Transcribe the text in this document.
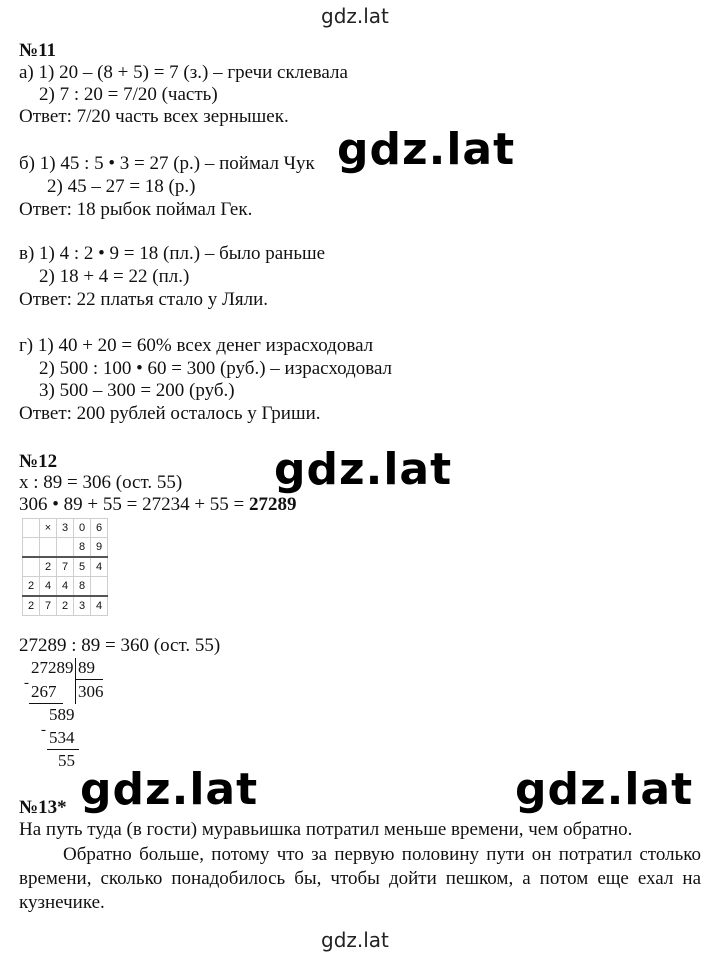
gdz.lat
№11
а) 1) 20 – (8 + 5) = 7 (з.) – гречи склевала
2) 7 : 20 = 7/20 (часть)
Ответ: 7/20 часть всех зернышек.
б) 1) 45 : 5 • 3 = 27 (р.) – поймал Чук
2) 45 – 27 = 18 (р.)
Ответ: 18 рыбок поймал Гек.
в) 1) 4 : 2 • 9 = 18 (пл.) – было раньше
2) 18 + 4 = 22 (пл.)
Ответ: 22 платья стало у Ляли.
г) 1) 40 + 20 = 60% всех денег израсходовал
2) 500 : 100 • 60 = 300 (руб.) – израсходовал
3) 500 – 300 = 200 (руб.)
Ответ: 200 рублей осталось у Гриши.
gdz.lat
№12
x : 89 = 306 (ост. 55)
306 • 89 + 55 = 27234 + 55 = 27289
gdz.lat
	×	3	0	6
			8	9
	2	7	5	4
2	4	4	8	
2	7	2	3	4
27289 : 89 = 360 (ост. 55)
27289 89
- 267 306
589
- 534
55
gdz.lat	gdz.lat
№13*
На путь туда (в гости) муравьишка потратил меньше времени, чем обратно.
Обратно больше, потому что за первую половину пути он потратил столько времени, сколько понадобилось бы, чтобы дойти пешком, а потом еще ехал на кузнечике.
gdz.lat
